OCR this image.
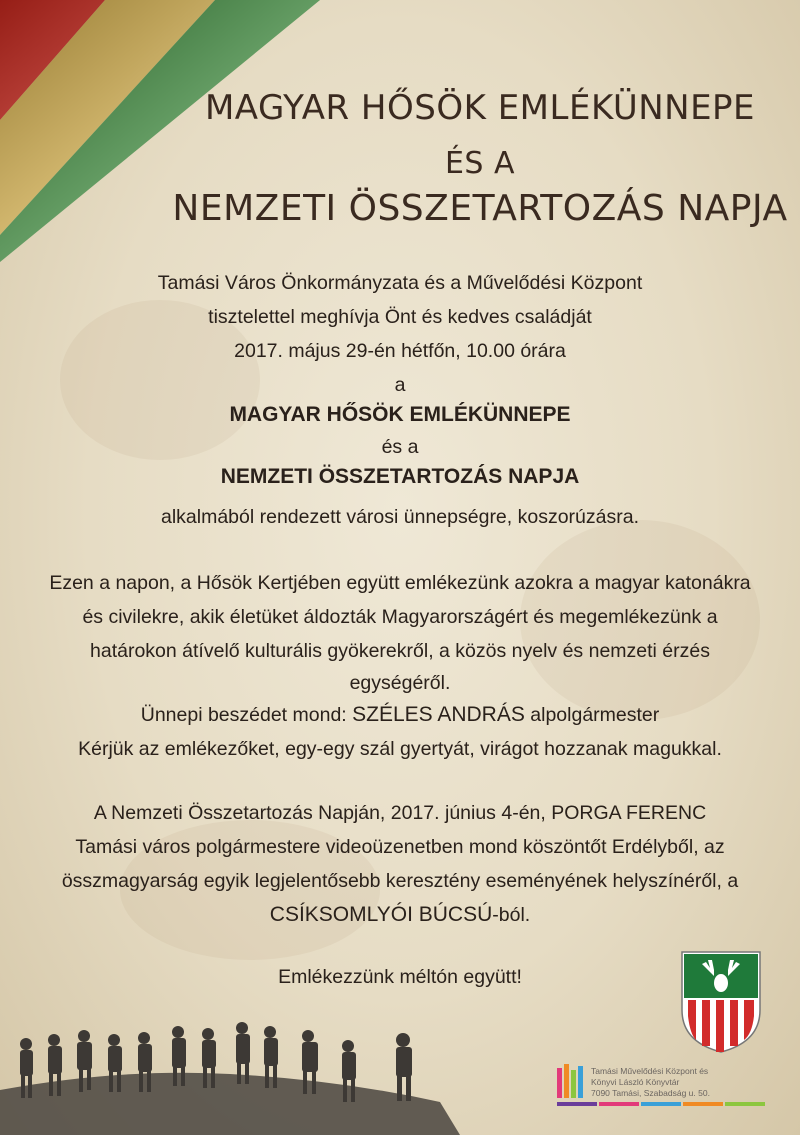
MAGYAR HŐSÖK EMLÉKÜNNEPE
ÉS A
NEMZETI ÖSSZETARTOZÁS NAPJA
Tamási Város Önkormányzata és a Művelődési Központ
tisztelettel meghívja Önt és kedves családját
2017. május 29-én hétfőn, 10.00 órára
a
MAGYAR HŐSÖK EMLÉKÜNNEPE
és a
NEMZETI ÖSSZETARTOZÁS NAPJA
alkalmából rendezett városi ünnepségre, koszorúzásra.
Ezen a napon, a Hősök Kertjében együtt emlékezünk azokra a magyar katonákra
és civilekre, akik életüket áldozták Magyarországért és megemlékezünk a
határokon átívelő kulturális gyökerekről, a közös nyelv és nemzeti érzés
egységéről.
Ünnepi beszédet mond: SZÉLES ANDRÁS alpolgármester
Kérjük az emlékezőket, egy-egy szál gyertyát, virágot hozzanak magukkal.
A Nemzeti Összetartozás Napján, 2017. június 4-én, PORGA FERENC
Tamási város polgármestere videoüzenetben mond köszöntőt Erdélyből, az
összmagyarság egyik legjelentősebb keresztény eseményének helyszínéről, a
CSÍKSOMLYÓI BÚCSÚ-ból.
Emlékezzünk méltón együtt!
Tamási Művelődési Központ és
Könyvi László Könyvtár
7090 Tamási, Szabadság u. 50.
